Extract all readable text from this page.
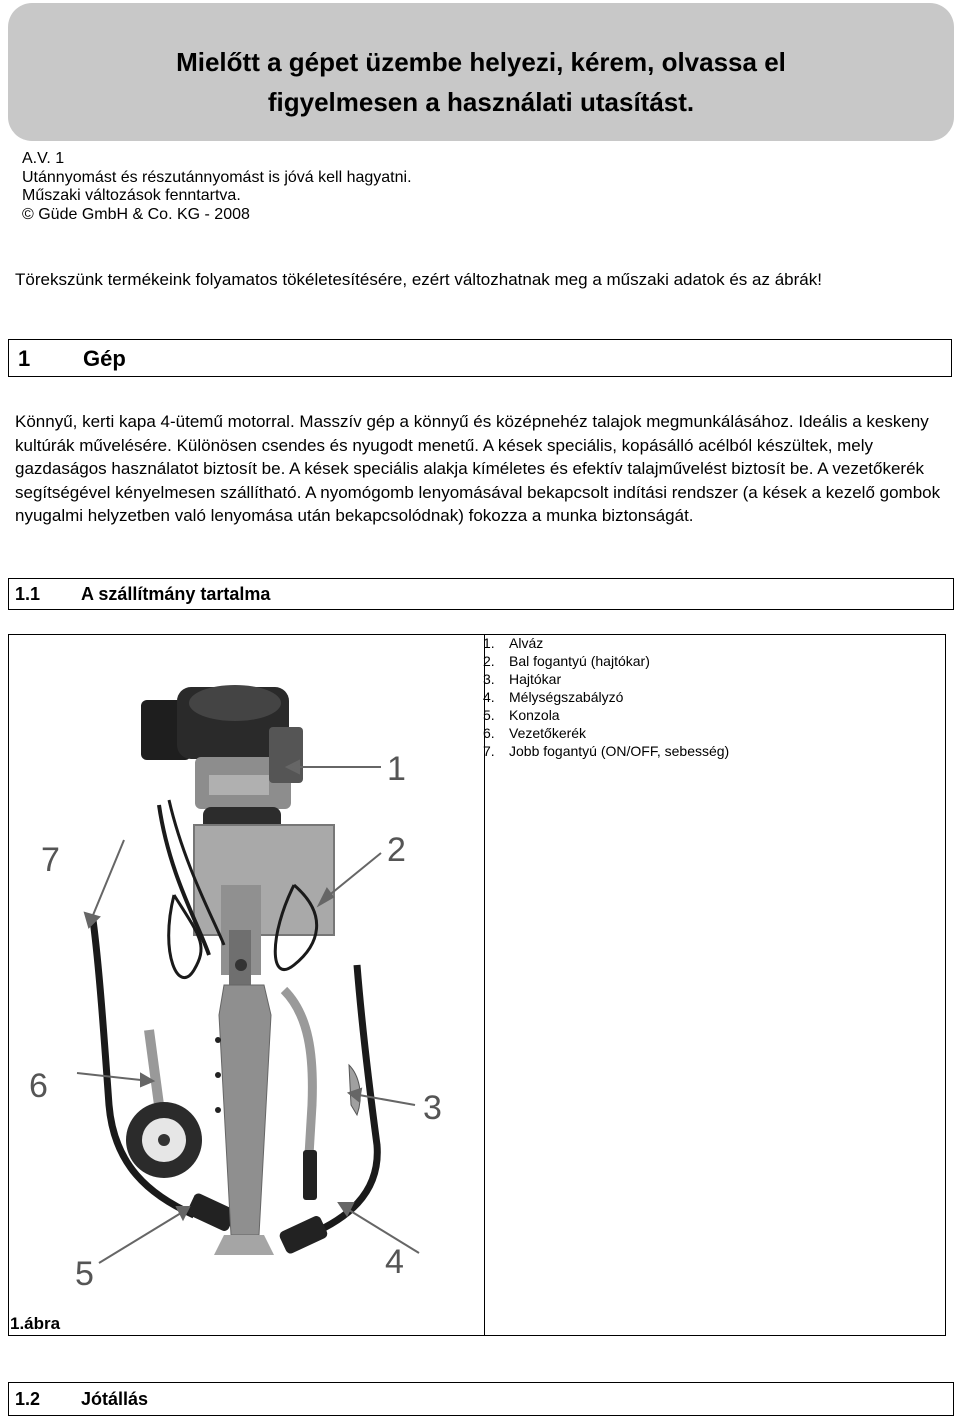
Mielőtt a gépet üzembe helyezi, kérem, olvassa el
figyelmesen a használati utasítást.
A.V. 1
Utánnyomást és részutánnyomást is jóvá kell hagyatni.
Műszaki változások fenntartva.
© Güde GmbH & Co. KG - 2008
Törekszünk termékeink folyamatos tökéletesítésére, ezért változhatnak meg a műszaki adatok és az ábrák!
1 Gép
Könnyű, kerti kapa 4-ütemű motorral. Masszív gép a könnyű és középnehéz talajok megmunkálásához. Ideális a keskeny kultúrák művelésére. Különösen csendes és nyugodt menetű. A kések speciális, kopásálló acélból készültek, mely gazdaságos használatot biztosít be. A kések speciális alakja kíméletes és efektív talajművelést biztosít be. A vezetőkerék segítségével kényelmesen szállítható. A nyomógomb lenyomásával bekapcsolt indítási rendszer (a kések a kezelő gombok nyugalmi helyzetben való lenyomása után bekapcsolódnak) fokozza a munka biztonságát.
1.1 A szállítmány tartalma
1
2
3
4
5
6
7
1. Alváz
2. Bal fogantyú (hajtókar)
3. Hajtókar
4. Mélységszabályzó
5. Konzola
6. Vezetőkerék
7. Jobb fogantyú (ON/OFF, sebesség)
1.ábra
1.2 Jótállás
